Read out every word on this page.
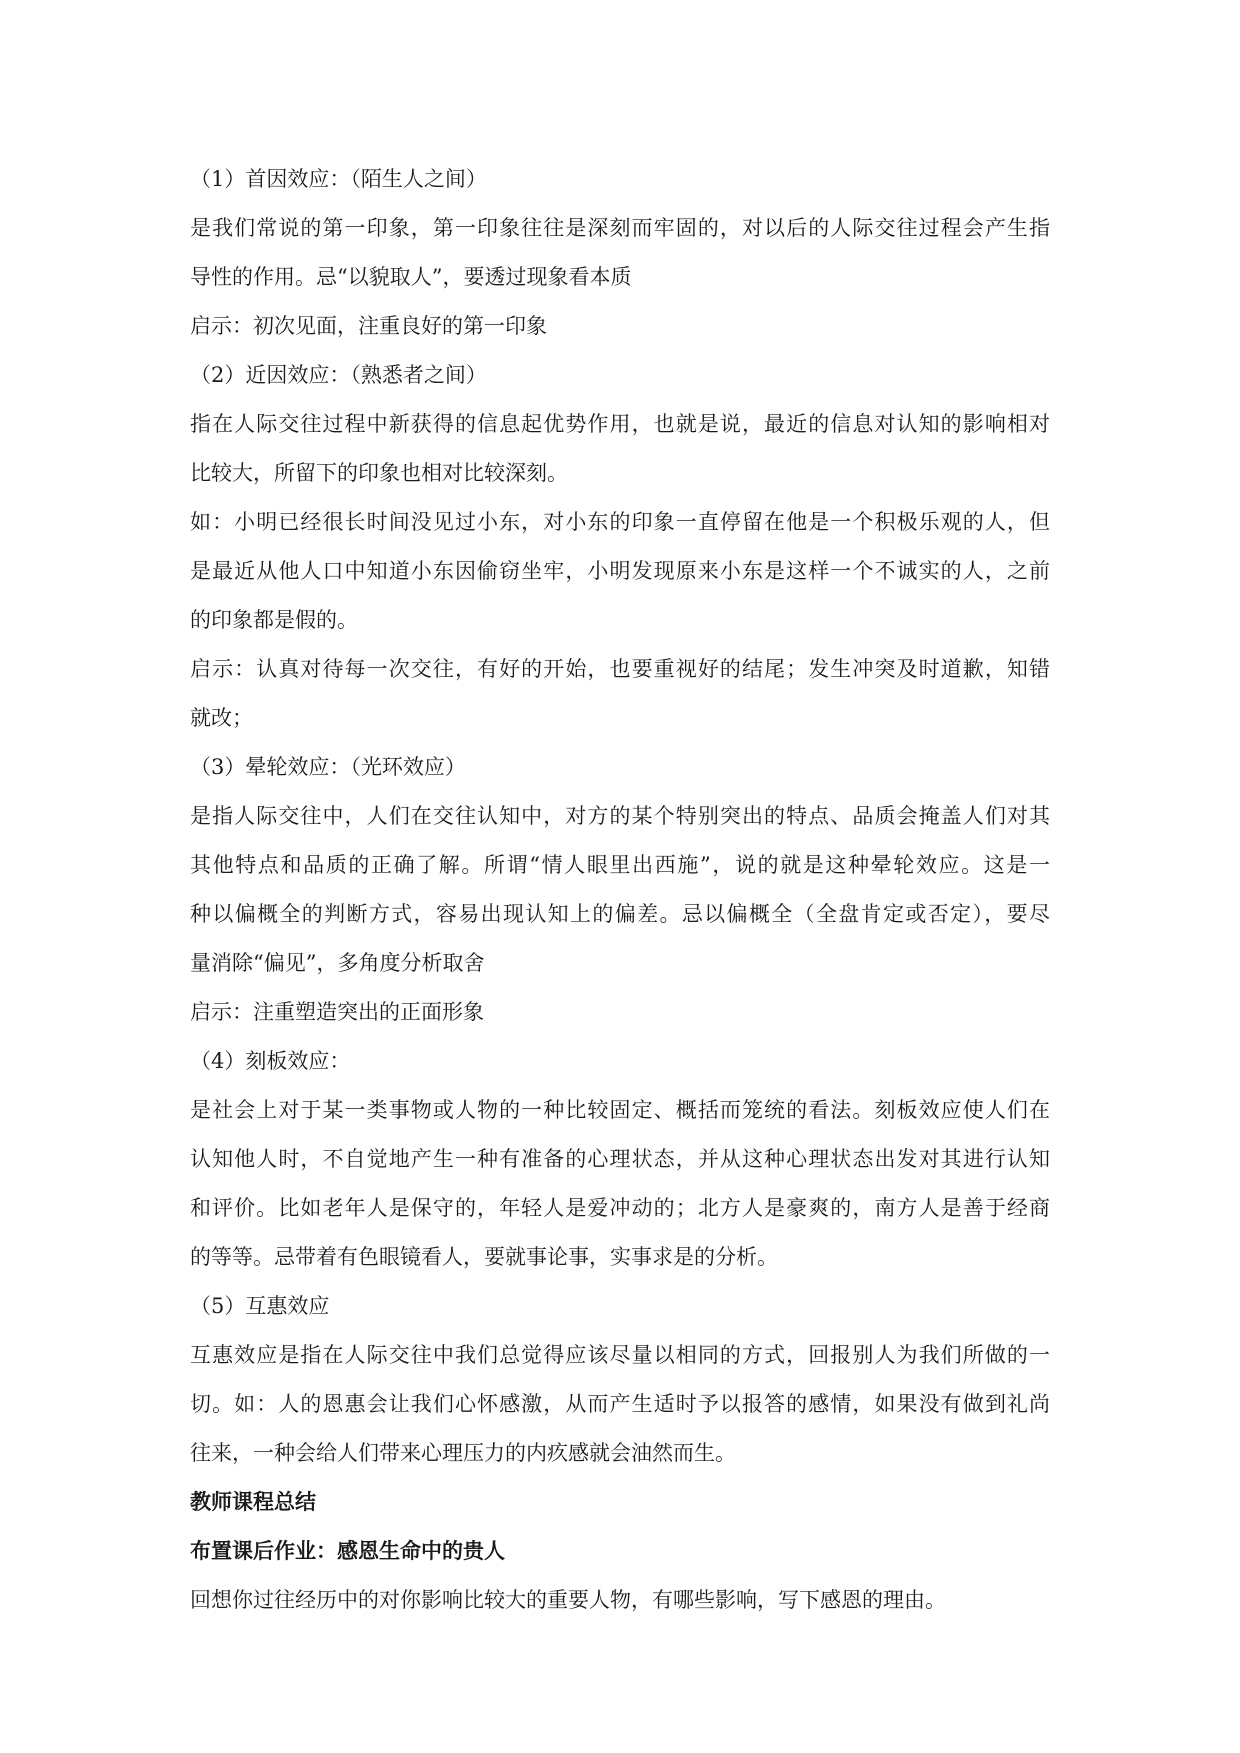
（1）首因效应：（陌生人之间）

是我们常说的第一印象，第一印象往往是深刻而牢固的，对以后的人际交往过程会产生指

导性的作用。忌“以貌取人”，要透过现象看本质

启示：初次见面，注重良好的第一印象

（2）近因效应：（熟悉者之间）

指在人际交往过程中新获得的信息起优势作用，也就是说，最近的信息对认知的影响相对

比较大，所留下的印象也相对比较深刻。

如：小明已经很长时间没见过小东，对小东的印象一直停留在他是一个积极乐观的人，但

是最近从他人口中知道小东因偷窃坐牢，小明发现原来小东是这样一个不诚实的人，之前

的印象都是假的。

启示：认真对待每一次交往，有好的开始，也要重视好的结尾；发生冲突及时道歉，知错

就改；

（3）晕轮效应：（光环效应）

是指人际交往中，人们在交往认知中，对方的某个特别突出的特点、品质会掩盖人们对其

其他特点和品质的正确了解。所谓“情人眼里出西施”，说的就是这种晕轮效应。这是一

种以偏概全的判断方式，容易出现认知上的偏差。忌以偏概全（全盘肯定或否定），要尽

量消除“偏见”，多角度分析取舍

启示：注重塑造突出的正面形象

（4）刻板效应：

是社会上对于某一类事物或人物的一种比较固定、概括而笼统的看法。刻板效应使人们在

认知他人时，不自觉地产生一种有准备的心理状态，并从这种心理状态出发对其进行认知

和评价。比如老年人是保守的，年轻人是爱冲动的；北方人是豪爽的，南方人是善于经商

的等等。忌带着有色眼镜看人，要就事论事，实事求是的分析。

（5）互惠效应

互惠效应是指在人际交往中我们总觉得应该尽量以相同的方式，回报别人为我们所做的一

切。如：人的恩惠会让我们心怀感激，从而产生适时予以报答的感情，如果没有做到礼尚

往来，一种会给人们带来心理压力的内疚感就会油然而生。

教师课程总结

布置课后作业：感恩生命中的贵人

回想你过往经历中的对你影响比较大的重要人物，有哪些影响，写下感恩的理由。
